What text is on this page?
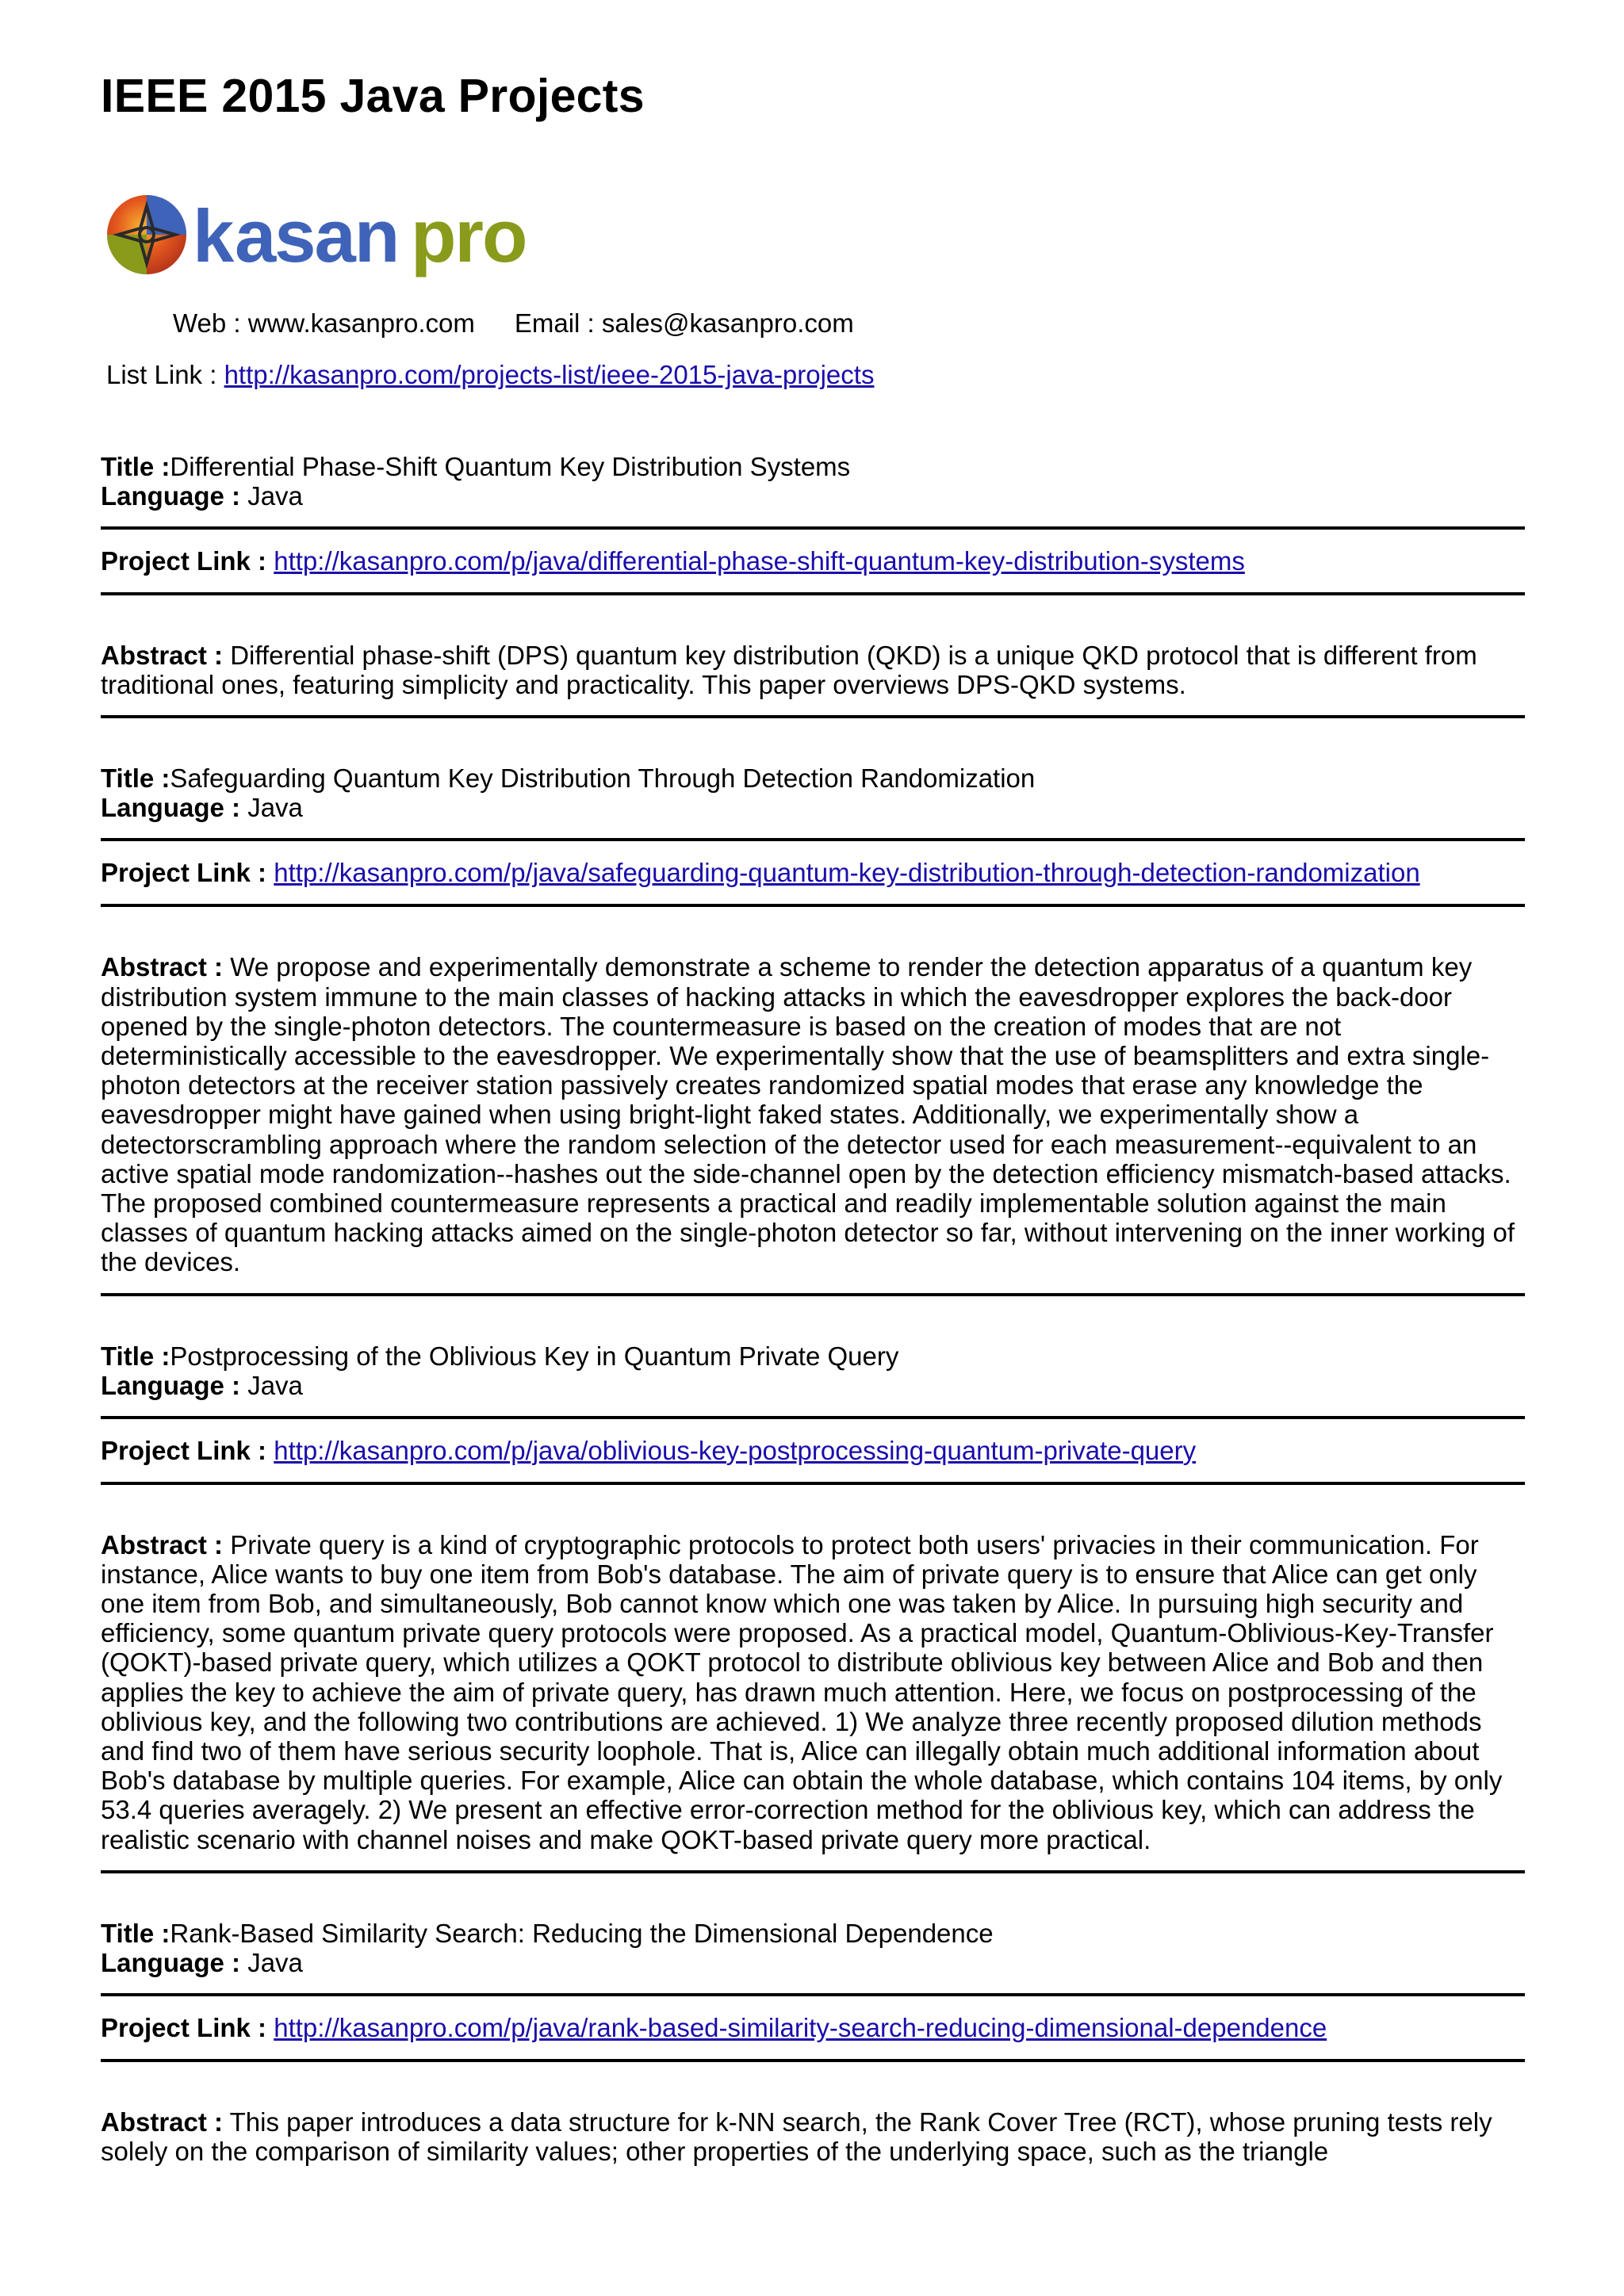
IEEE 2015 Java Projects
k asan pro
Web : www.kasanpro.com Email : sales@kasanpro.com
List Link : http://kasanpro.com/projects-list/ieee-2015-java-projects
Title :Differential Phase-Shift Quantum Key Distribution Systems
Language : Java
Project Link : http://kasanpro.com/p/java/differential-phase-shift-quantum-key-distribution-systems
Abstract : Differential phase-shift (DPS) quantum key distribution (QKD) is a unique QKD protocol that is different from traditional ones, featuring simplicity and practicality. This paper overviews DPS-QKD systems.
Title :Safeguarding Quantum Key Distribution Through Detection Randomization
Language : Java
Project Link : http://kasanpro.com/p/java/safeguarding-quantum-key-distribution-through-detection-randomization
Abstract : We propose and experimentally demonstrate a scheme to render the detection apparatus of a quantum key distribution system immune to the main classes of hacking attacks in which the eavesdropper explores the back-door opened by the single-photon detectors. The countermeasure is based on the creation of modes that are not deterministically accessible to the eavesdropper. We experimentally show that the use of beamsplitters and extra single-photon detectors at the receiver station passively creates randomized spatial modes that erase any knowledge the eavesdropper might have gained when using bright-light faked states. Additionally, we experimentally show a detectorscrambling approach where the random selection of the detector used for each measurement--equivalent to an active spatial mode randomization--hashes out the side-channel open by the detection efficiency mismatch-based attacks. The proposed combined countermeasure represents a practical and readily implementable solution against the main classes of quantum hacking attacks aimed on the single-photon detector so far, without intervening on the inner working of the devices.
Title :Postprocessing of the Oblivious Key in Quantum Private Query
Language : Java
Project Link : http://kasanpro.com/p/java/oblivious-key-postprocessing-quantum-private-query
Abstract : Private query is a kind of cryptographic protocols to protect both users' privacies in their communication. For instance, Alice wants to buy one item from Bob's database. The aim of private query is to ensure that Alice can get only one item from Bob, and simultaneously, Bob cannot know which one was taken by Alice. In pursuing high security and efficiency, some quantum private query protocols were proposed. As a practical model, Quantum-Oblivious-Key-Transfer (QOKT)-based private query, which utilizes a QOKT protocol to distribute oblivious key between Alice and Bob and then applies the key to achieve the aim of private query, has drawn much attention. Here, we focus on postprocessing of the oblivious key, and the following two contributions are achieved. 1) We analyze three recently proposed dilution methods and find two of them have serious security loophole. That is, Alice can illegally obtain much additional information about Bob's database by multiple queries. For example, Alice can obtain the whole database, which contains 104 items, by only 53.4 queries averagely. 2) We present an effective error-correction method for the oblivious key, which can address the realistic scenario with channel noises and make QOKT-based private query more practical.
Title :Rank-Based Similarity Search: Reducing the Dimensional Dependence
Language : Java
Project Link : http://kasanpro.com/p/java/rank-based-similarity-search-reducing-dimensional-dependence
Abstract : This paper introduces a data structure for k-NN search, the Rank Cover Tree (RCT), whose pruning tests rely solely on the comparison of similarity values; other properties of the underlying space, such as the triangle
